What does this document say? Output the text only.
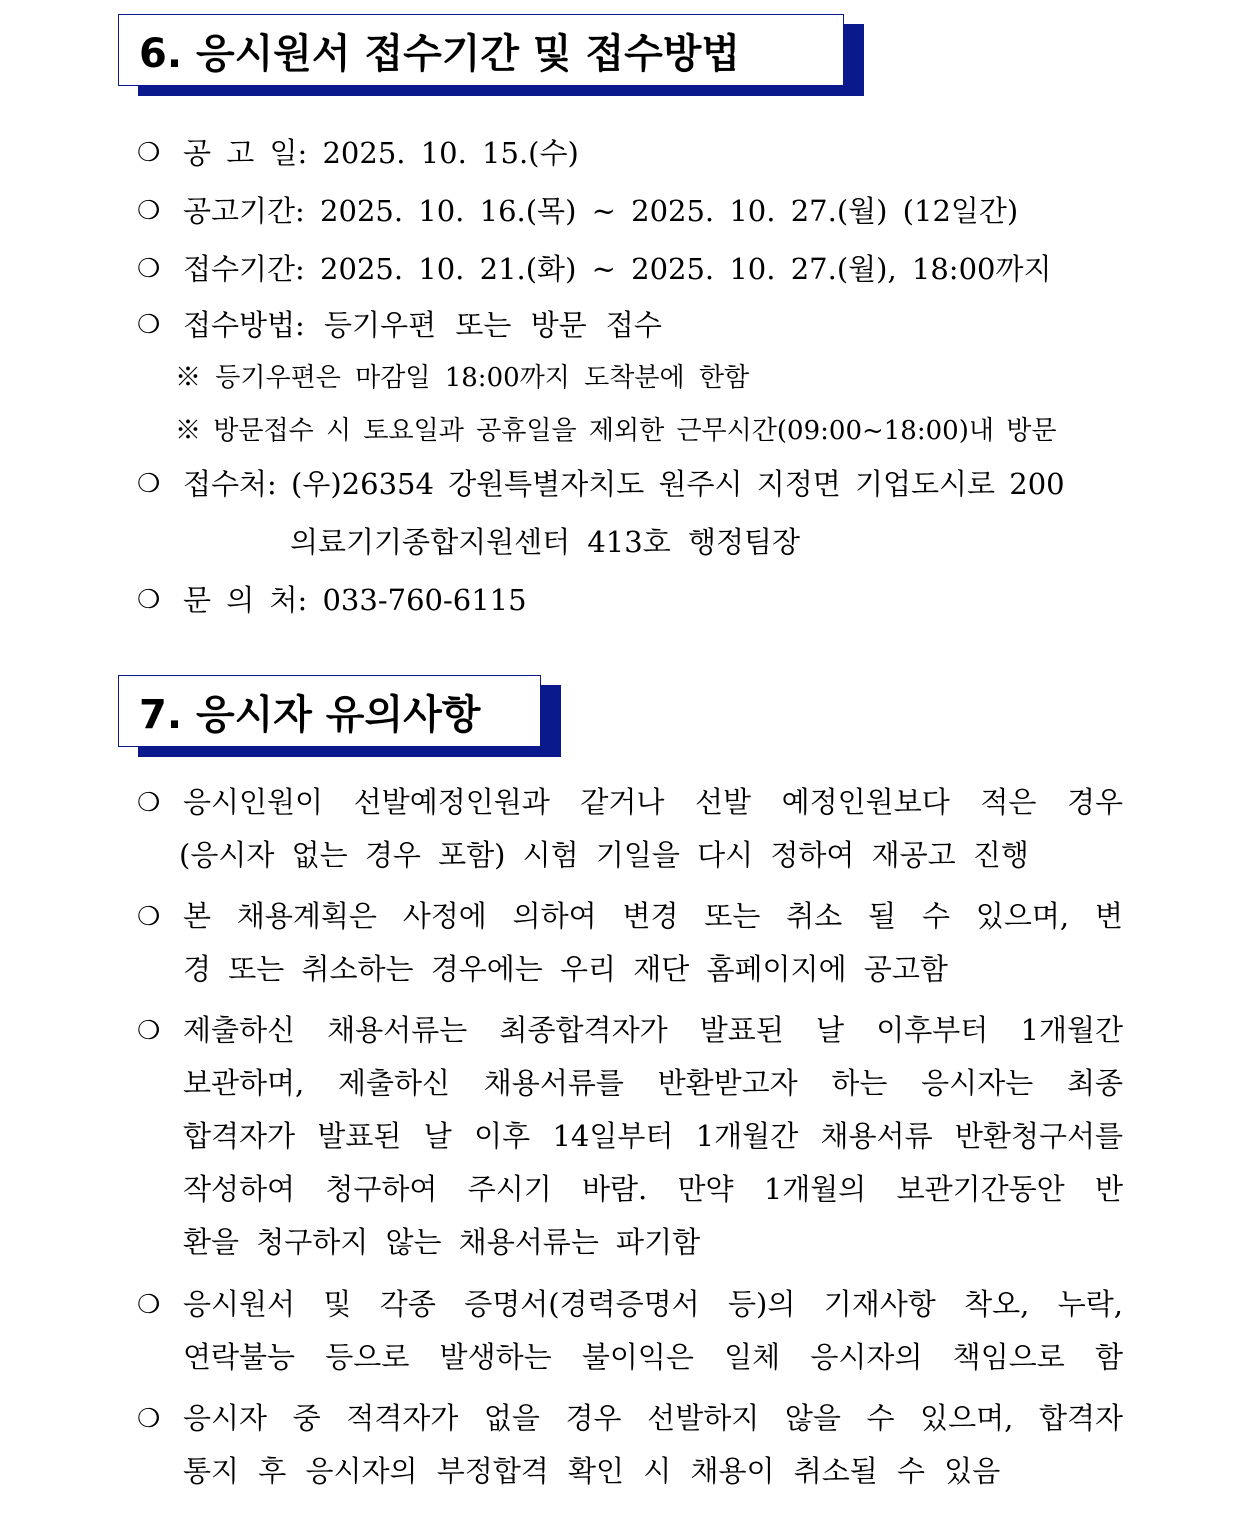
6. 응시원서 접수기간 및 접수방법
❍ 공 고 일: 2025. 10. 15.(수)
❍ 공고기간: 2025. 10. 16.(목) ~ 2025. 10. 27.(월) (12일간)
❍ 접수기간: 2025. 10. 21.(화) ~ 2025. 10. 27.(월), 18:00까지
❍ 접수방법: 등기우편 또는 방문 접수
※ 등기우편은 마감일 18:00까지 도착분에 한함
※ 방문접수 시 토요일과 공휴일을 제외한 근무시간(09:00~18:00)내 방문
❍ 접수처: (우)26354 강원특별자치도 원주시 지정면 기업도시로 200
의료기기종합지원센터 413호 행정팀장
❍ 문 의 처: 033-760-6115
7. 응시자 유의사항
❍ 응시인원이 선발예정인원과 같거나 선발 예정인원보다 적은 경우
(응시자 없는 경우 포함) 시험 기일을 다시 정하여 재공고 진행
❍ 본 채용계획은 사정에 의하여 변경 또는 취소 될 수 있으며, 변
경 또는 취소하는 경우에는 우리 재단 홈페이지에 공고함
❍ 제출하신 채용서류는 최종합격자가 발표된 날 이후부터 1개월간
보관하며, 제출하신 채용서류를 반환받고자 하는 응시자는 최종
합격자가 발표된 날 이후 14일부터 1개월간 채용서류 반환청구서를
작성하여 청구하여 주시기 바람. 만약 1개월의 보관기간동안 반
환을 청구하지 않는 채용서류는 파기함
❍ 응시원서 및 각종 증명서(경력증명서 등)의 기재사항 착오, 누락,
연락불능 등으로 발생하는 불이익은 일체 응시자의 책임으로 함
❍ 응시자 중 적격자가 없을 경우 선발하지 않을 수 있으며, 합격자
통지 후 응시자의 부정합격 확인 시 채용이 취소될 수 있음
